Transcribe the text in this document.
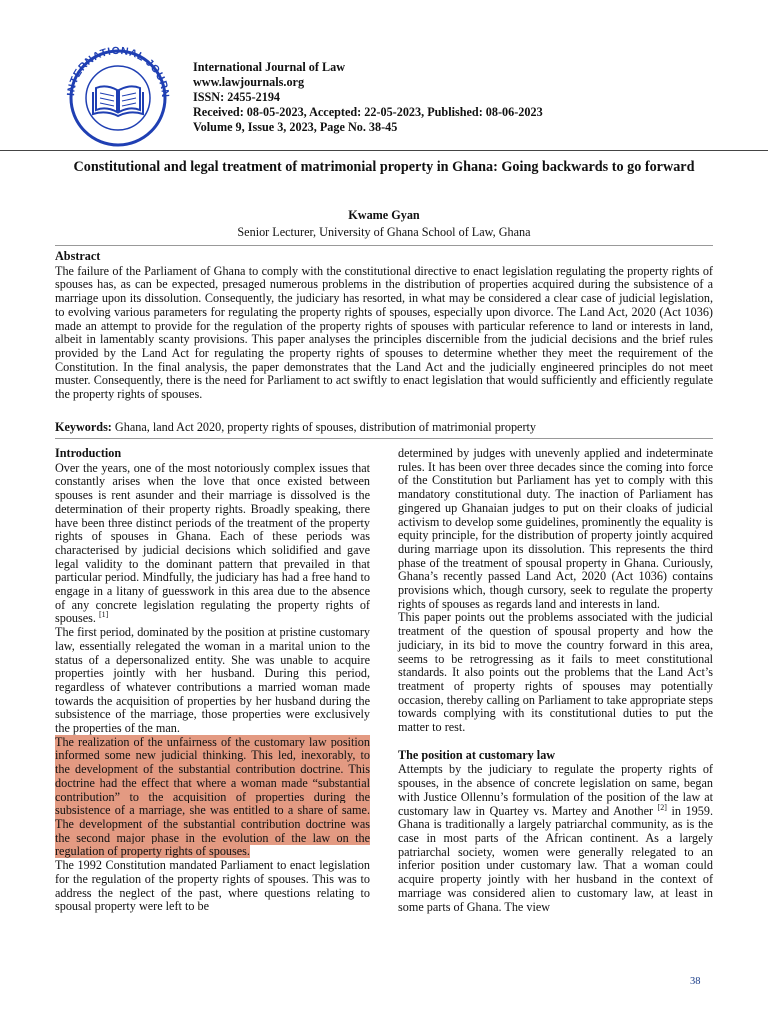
INTERNATIONAL JOURN
International Journal of Law
www.lawjournals.org
ISSN: 2455-2194
Received: 08-05-2023, Accepted: 22-05-2023, Published: 08-06-2023
Volume 9, Issue 3, 2023, Page No. 38-45
Constitutional and legal treatment of matrimonial property in Ghana: Going backwards to go forward
Kwame Gyan
Senior Lecturer, University of Ghana School of Law, Ghana
Abstract

The failure of the Parliament of Ghana to comply with the constitutional directive to enact legislation regulating the property rights of spouses has, as can be expected, presaged numerous problems in the distribution of properties acquired during the subsistence of a marriage upon its dissolution. Consequently, the judiciary has resorted, in what may be considered a clear case of judicial legislation, to evolving various parameters for regulating the property rights of spouses, especially upon divorce. The Land Act, 2020 (Act 1036) made an attempt to provide for the regulation of the property rights of spouses with particular reference to land or interests in land, albeit in lamentably scanty provisions. This paper analyses the principles discernible from the judicial decisions and the brief rules provided by the Land Act for regulating the property rights of spouses to determine whether they meet the requirement of the Constitution. In the final analysis, the paper demonstrates that the Land Act and the judicially engineered principles do not meet muster. Consequently, there is the need for Parliament to act swiftly to enact legislation that would sufficiently and efficiently regulate the property rights of spouses.

Keywords: Ghana, land Act 2020, property rights of spouses, distribution of matrimonial property
Introduction

Over the years, one of the most notoriously complex issues that constantly arises when the love that once existed between spouses is rent asunder and their marriage is dissolved is the determination of their property rights. Broadly speaking, there have been three distinct periods of the treatment of the property rights of spouses in Ghana. Each of these periods was characterised by judicial decisions which solidified and gave legal validity to the dominant pattern that prevailed in that particular period. Mindfully, the judiciary has had a free hand to engage in a litany of guesswork in this area due to the absence of any concrete legislation regulating the property rights of spouses. [1]

The first period, dominated by the position at pristine customary law, essentially relegated the woman in a marital union to the status of a depersonalized entity. She was unable to acquire properties jointly with her husband. During this period, regardless of whatever contributions a married woman made towards the acquisition of properties by her husband during the subsistence of the marriage, those properties were exclusively the properties of the man.

The realization of the unfairness of the customary law position informed some new judicial thinking. This led, inexorably, to the development of the substantial contribution doctrine. This doctrine had the effect that where a woman made “substantial contribution” to the acquisition of properties during the subsistence of a marriage, she was entitled to a share of same. The development of the substantial contribution doctrine was the second major phase in the evolution of the law on the regulation of property rights of spouses.

The 1992 Constitution mandated Parliament to enact legislation for the regulation of the property rights of spouses. This was to address the neglect of the past, where questions relating to spousal property were left to be

determined by judges with unevenly applied and indeterminate rules. It has been over three decades since the coming into force of the Constitution but Parliament has yet to comply with this mandatory constitutional duty. The inaction of Parliament has gingered up Ghanaian judges to put on their cloaks of judicial activism to develop some guidelines, prominently the equality is equity principle, for the distribution of property jointly acquired during marriage upon its dissolution. This represents the third phase of the treatment of spousal property in Ghana. Curiously, Ghana’s recently passed Land Act, 2020 (Act 1036) contains provisions which, though cursory, seek to regulate the property rights of spouses as regards land and interests in land.

This paper points out the problems associated with the judicial treatment of the question of spousal property and how the judiciary, in its bid to move the country forward in this area, seems to be retrogressing as it fails to meet constitutional standards. It also points out the problems that the Land Act’s treatment of property rights of spouses may potentially occasion, thereby calling on Parliament to take appropriate steps towards complying with its constitutional duties to put the matter to rest.

The position at customary law

Attempts by the judiciary to regulate the property rights of spouses, in the absence of concrete legislation on same, began with Justice Ollennu’s formulation of the position of the law at customary law in Quartey vs. Martey and Another [2] in 1959. Ghana is traditionally a largely patriarchal community, as is the case in most parts of the African continent. As a largely patriarchal society, women were generally relegated to an inferior position under customary law. That a woman could acquire property jointly with her husband in the context of marriage was considered alien to customary law, at least in some parts of Ghana. The view

38
